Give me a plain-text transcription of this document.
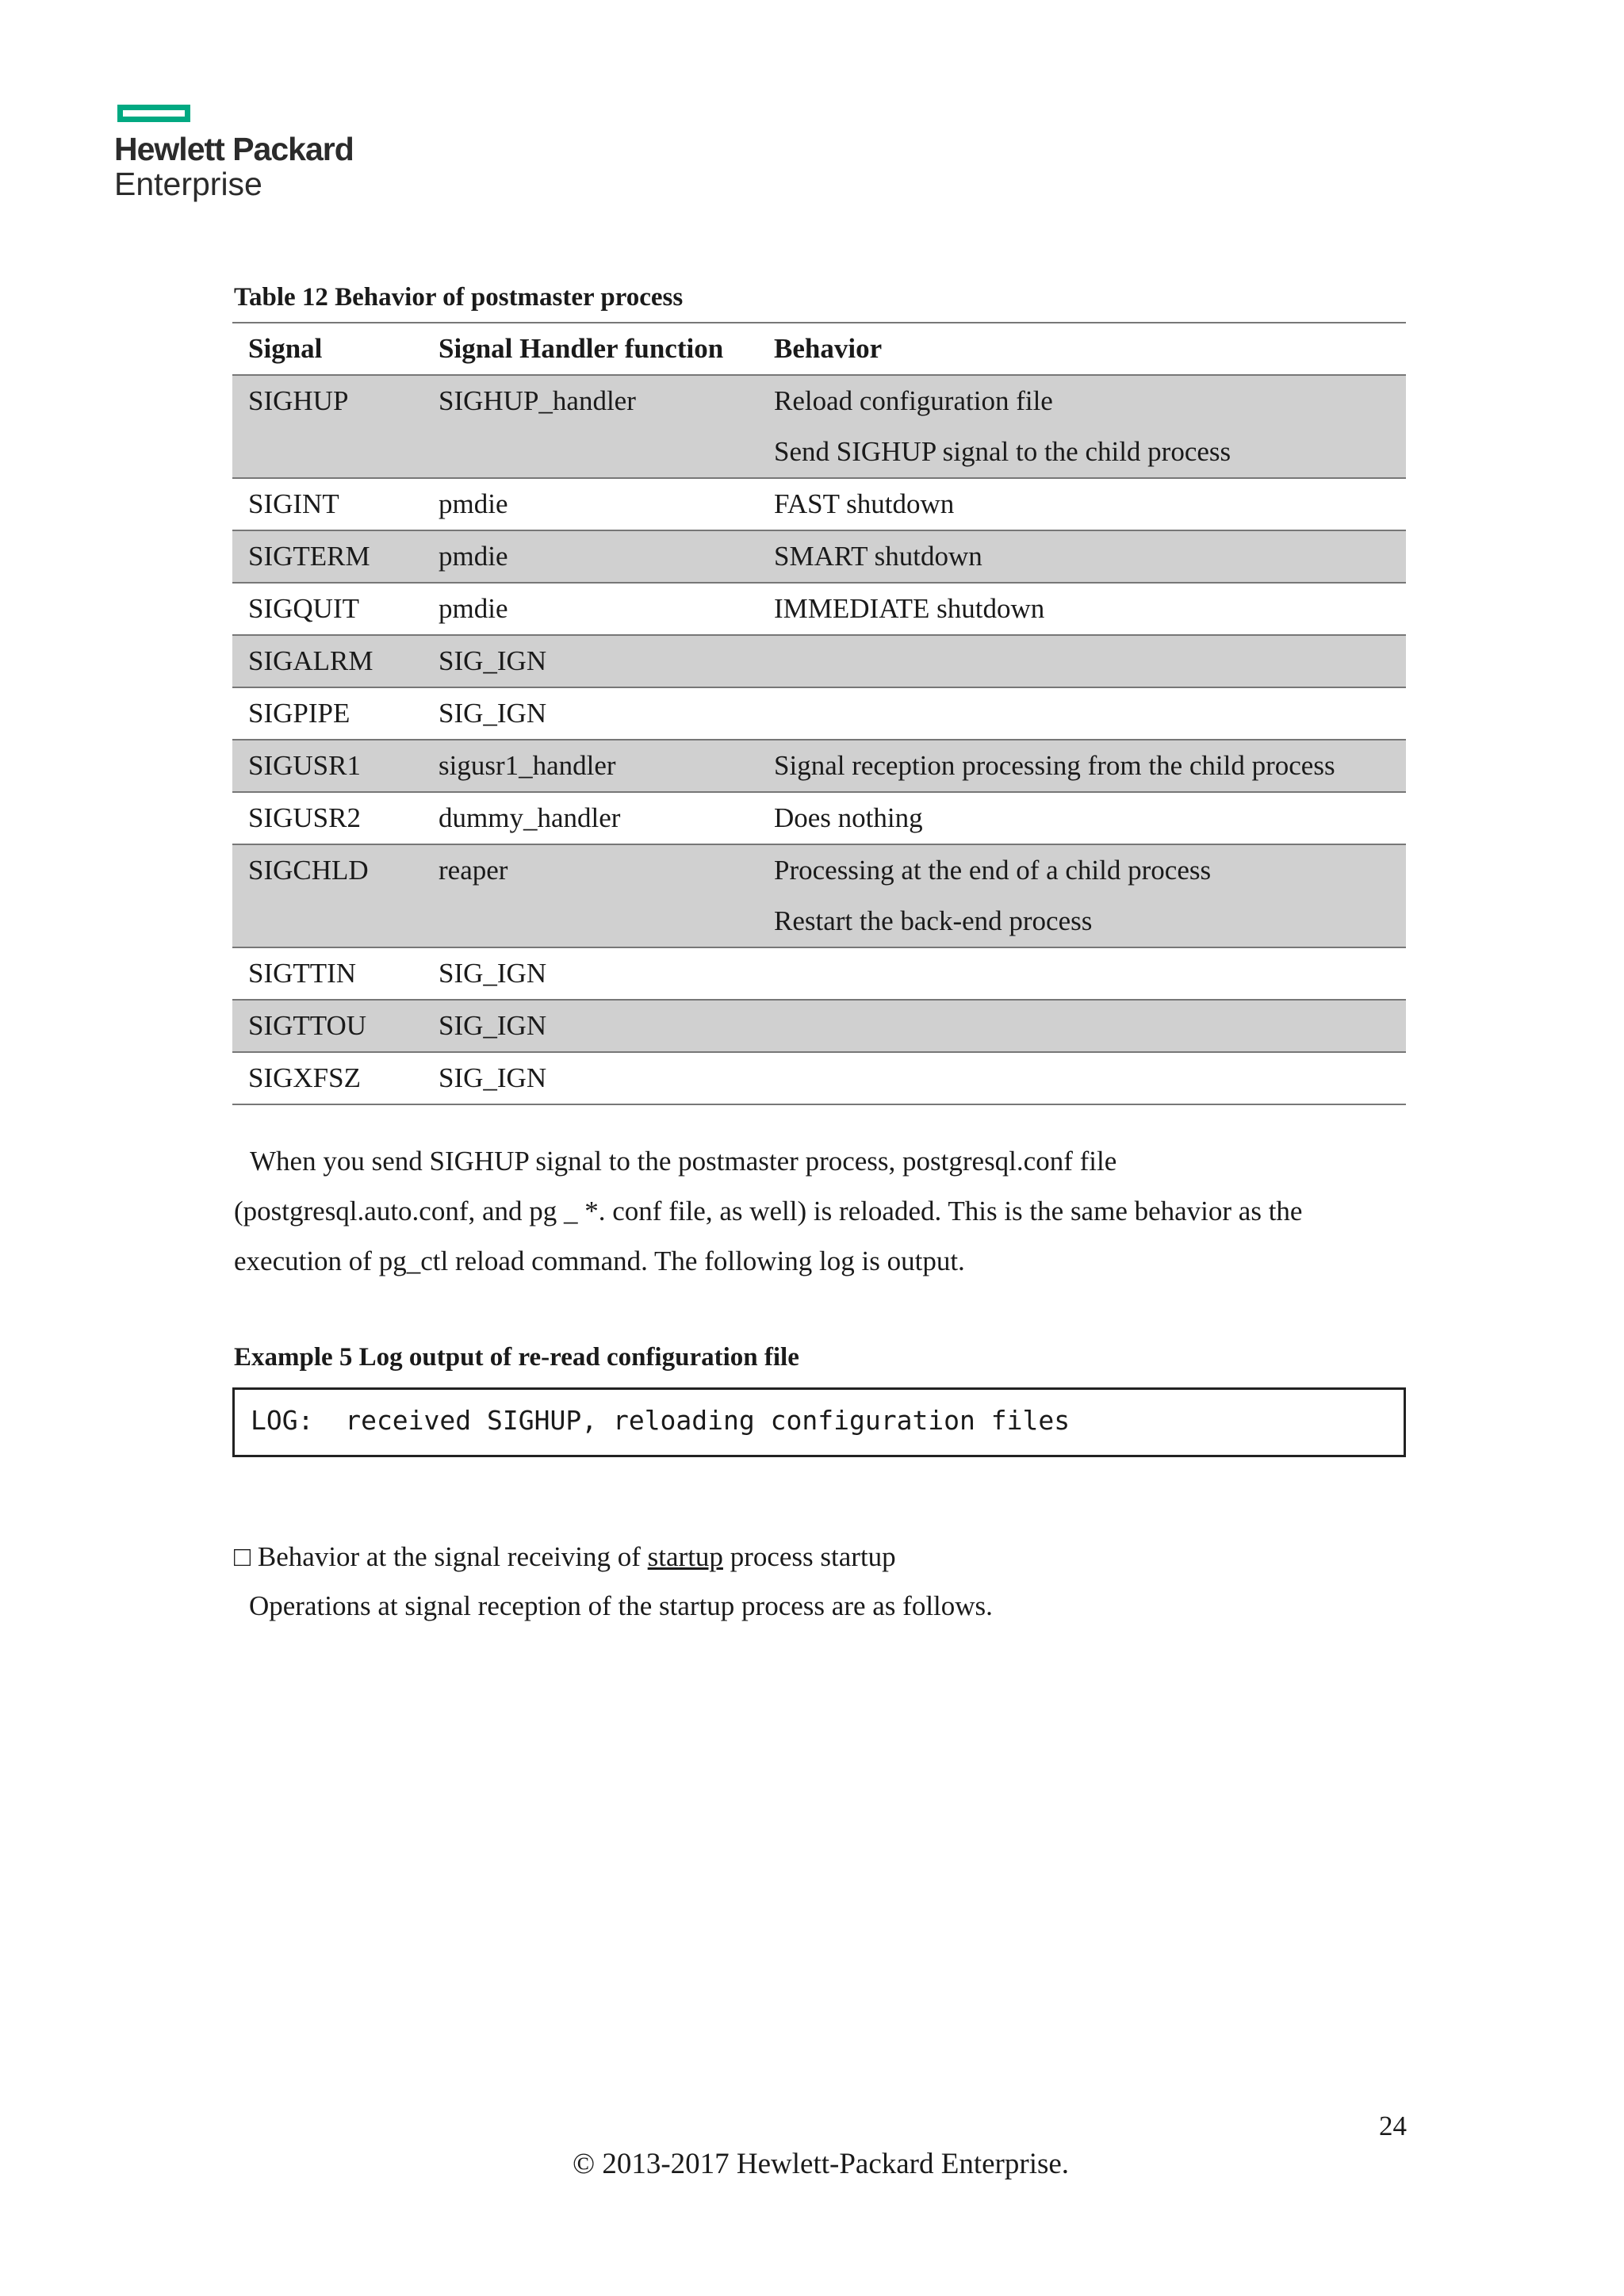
Hewlett Packard
Enterprise
Table 12 Behavior of postmaster process
Signal	Signal Handler function	Behavior
SIGHUP	SIGHUP_handler	Reload configuration file
Send SIGHUP signal to the child process

SIGINT	pmdie	FAST shutdown
SIGTERM	pmdie	SMART shutdown
SIGQUIT	pmdie	IMMEDIATE shutdown
SIGALRM	SIG_IGN	
SIGPIPE	SIG_IGN	
SIGUSR1	sigusr1_handler	Signal reception processing from the child process
SIGUSR2	dummy_handler	Does nothing
SIGCHLD	reaper	Processing at the end of a child process
Restart the back-end process

SIGTTIN	SIG_IGN	
SIGTTOU	SIG_IGN	
SIGXFSZ	SIG_IGN	
When you send SIGHUP signal to the postmaster process, postgresql.conf file
(postgresql.auto.conf, and pg _ *. conf file, as well) is reloaded. This is the same behavior as the
execution of pg_ctl reload command. The following log is output.
Example 5 Log output of re-read configuration file
LOG:  received SIGHUP, reloading configuration files
□ Behavior at the signal receiving of startup process startup
Operations at signal reception of the startup process are as follows.
24
© 2013-2017 Hewlett-Packard Enterprise.
